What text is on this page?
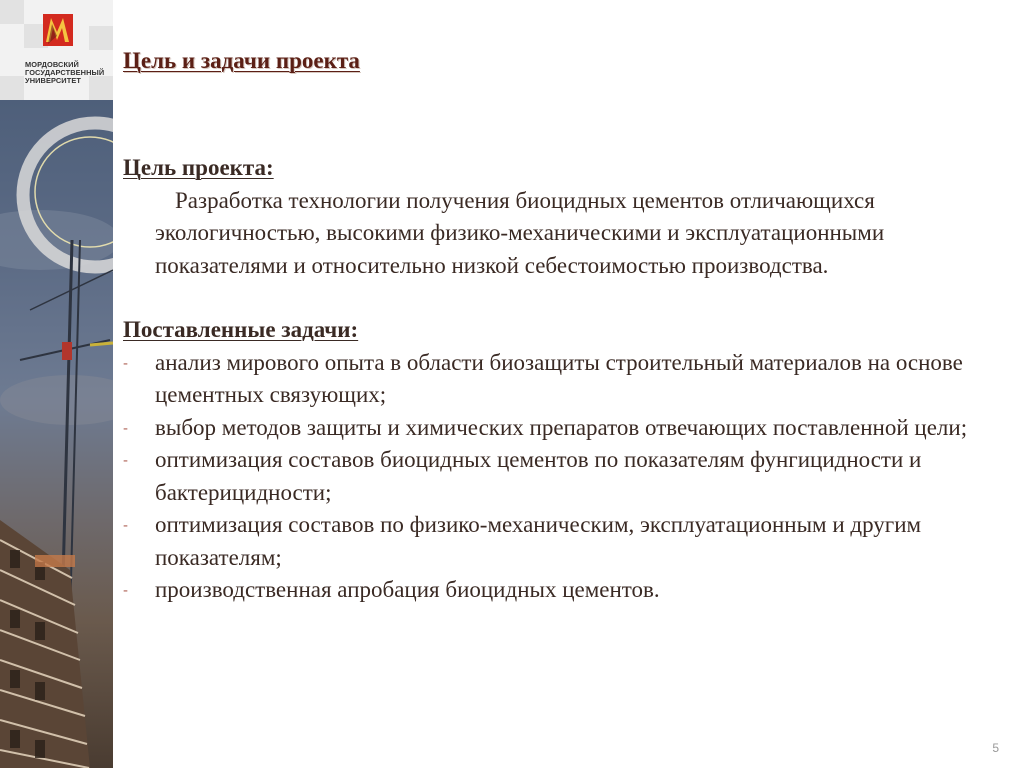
МОРДОВСКИЙ ГОСУДАРСТВЕННЫЙ УНИВЕРСИТЕТ
Цель и задачи проекта

Цель проекта:

Разработка технологии получения биоцидных цементов отличающихся экологичностью, высокими физико-механическими и эксплуатационными показателями и относительно низкой себестоимостью производства.

Поставленные задачи:

- анализ мирового опыта в области биозащиты строительный материалов на основе цементных связующих;
- выбор методов защиты и химических препаратов отвечающих поставленной цели;
- оптимизация составов биоцидных цементов по показателям фунгицидности и бактерицидности;
- оптимизация составов по физико-механическим, эксплуатационным и другим показателям;
- производственная апробация биоцидных цементов.
5
